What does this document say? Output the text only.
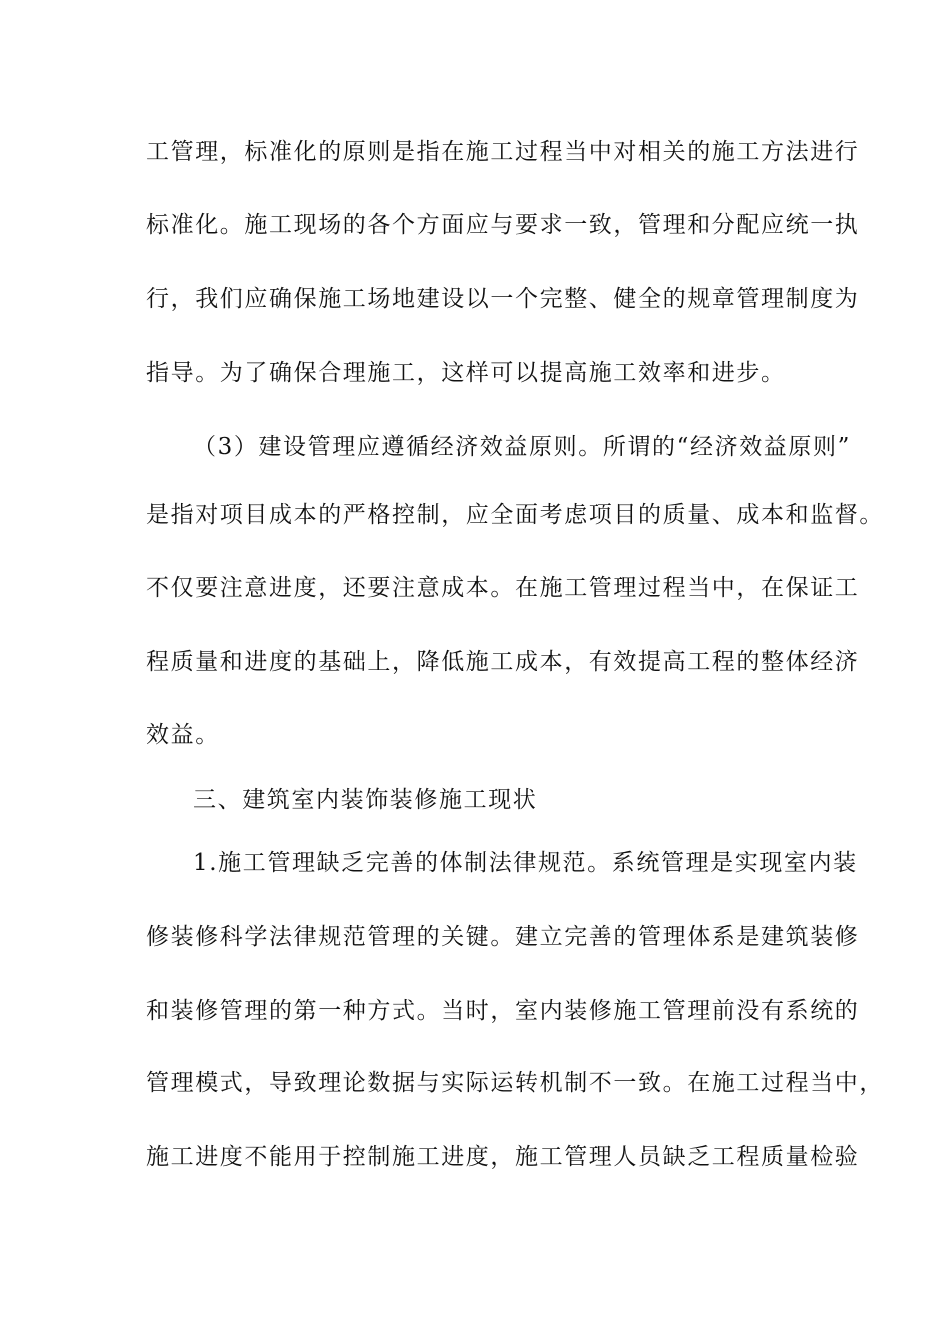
工管理，标准化的原则是指在施工过程当中对相关的施工方法进行
标准化。施工现场的各个方面应与要求一致，管理和分配应统一执
行，我们应确保施工场地建设以一个完整、健全的规章管理制度为
指导。为了确保合理施工，这样可以提高施工效率和进步。
（3）建设管理应遵循经济效益原则。所谓的“经济效益原则”
是指对项目成本的严格控制，应全面考虑项目的质量、成本和监督。
不仅要注意进度，还要注意成本。在施工管理过程当中，在保证工
程质量和进度的基础上，降低施工成本，有效提高工程的整体经济
效益。
三、建筑室内装饰装修施工现状
1.施工管理缺乏完善的体制法律规范。系统管理是实现室内装
修装修科学法律规范管理的关键。建立完善的管理体系是建筑装修
和装修管理的第一种方式。当时，室内装修施工管理前没有系统的
管理模式，导致理论数据与实际运转机制不一致。在施工过程当中，
施工进度不能用于控制施工进度，施工管理人员缺乏工程质量检验
